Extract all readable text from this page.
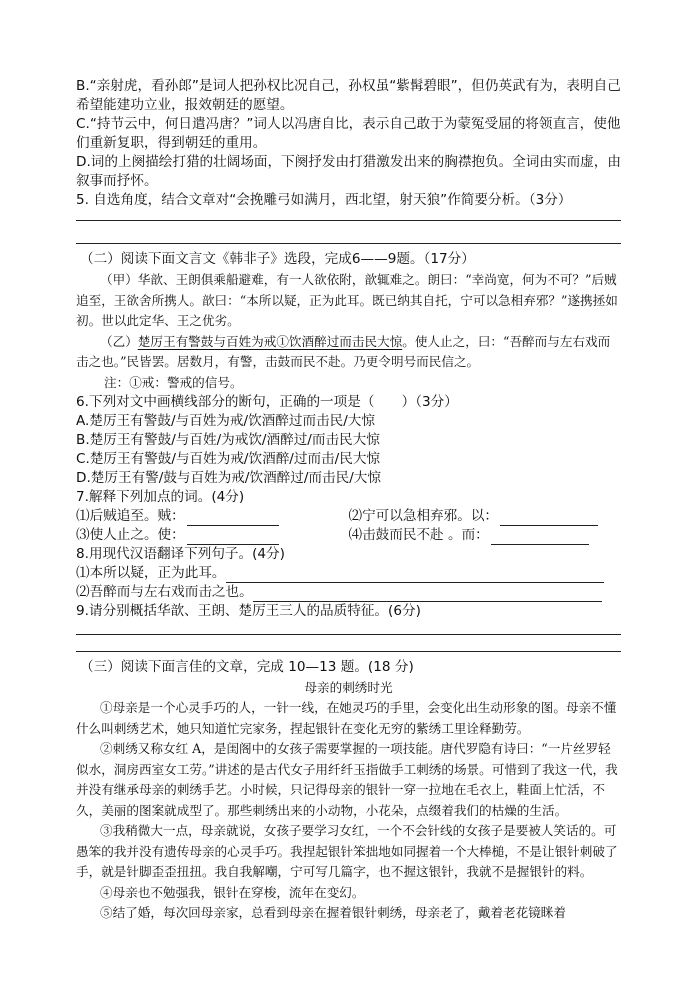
B.“亲射虎，看孙郎”是词人把孙权比况自己，孙权虽“紫髯碧眼”，但仍英武有为，表明自己希望能建功立业，报效朝廷的愿望。

C.“持节云中，何日遣冯唐？”词人以冯唐自比，表示自己敢于为蒙冤受屈的将领直言，使他们重新复职，得到朝廷的重用。

D.词的上阕描绘打猎的壮阔场面，下阕抒发由打猎激发出来的胸襟抱负。全词由实而虚，由叙事而抒怀。

5. 自选角度，结合文章对“会挽雕弓如满月，西北望，射天狼”作简要分析。（3分）

（二）阅读下面文言文《韩非子》选段，完成6——9题。（17分）

（甲）华歆、王朗俱乘船避难，有一人欲依附，歆辄难之。朗曰：“幸尚宽，何为不可？”后贼追至，王欲舍所携人。歆曰：“本所以疑，正为此耳。既已纳其自托，宁可以急相弃邪？”遂携拯如初。世以此定华、王之优劣。

（乙）楚厉王有警鼓与百姓为戒①饮酒醉过而击民大惊。使人止之，曰：“吾醉而与左右戏而击之也。”民皆罢。居数月，有警，击鼓而民不赴。乃更令明号而民信之。

注：①戒：警戒的信号。

6.下列对文中画横线部分的断句，正确的一项是（　　）（3分）

A.楚厉王有警鼓/与百姓为戒/饮酒醉过而击民/大惊

B.楚厉王有警鼓/与百姓/为戒饮/酒醉过/而击民大惊

C.楚厉王有警鼓/与百姓为戒/饮酒醉/过而击/民大惊

D.楚厉王有警/鼓与百姓为戒/饮酒醉过/而击民/大惊

7.解释下列加点的词。(4分)

⑴后贼追至。贼：	⑵宁可以急相弃邪。以：
⑶使人止之。使：	⑷击鼓而民不赴 。而：

8.用现代汉语翻译下列句子。(4分)

⑴本所以疑，正为此耳。

⑵吾醉而与左右戏而击之也。

9.请分别概括华歆、王朗、楚厉王三人的品质特征。(6分)

（三）阅读下面言佳的文章，完成 10—13 题。(18 分)

母亲的刺绣时光

①母亲是一个心灵手巧的人，一针一线，在她灵巧的手里，会变化出生动形象的图。母亲不懂什么叫刺绣艺术，她只知道忙完家务，捏起银针在变化无穷的紫绣工里诠释勤劳。

②刺绣又称女红 A，是闺阁中的女孩子需要掌握的一项技能。唐代罗隐有诗曰：“一片丝罗轻似水，洞房西室女工劳。”讲述的是古代女子用纤纤玉指做手工刺绣的场景。可惜到了我这一代，我并没有继承母亲的刺绣手艺。小时候，只记得母亲的银针一穿一拉地在毛衣上，鞋面上忙活，不久，美丽的图案就成型了。那些刺绣出来的小动物，小花朵，点缀着我们的枯燥的生活。

③我稍微大一点，母亲就说，女孩子要学习女红，一个不会针线的女孩子是要被人笑话的。可愚笨的我并没有遗传母亲的心灵手巧。我捏起银针笨拙地如同握着一个大棒槌，不是让银针刺破了手，就是针脚歪歪扭扭。我自我解嘲，宁可写几篇字，也不握这银针，我就不是握银针的料。

④母亲也不勉强我，银针在穿梭，流年在变幻。

⑤结了婚，每次回母亲家，总看到母亲在握着银针刺绣，母亲老了，戴着老花镜眯着
